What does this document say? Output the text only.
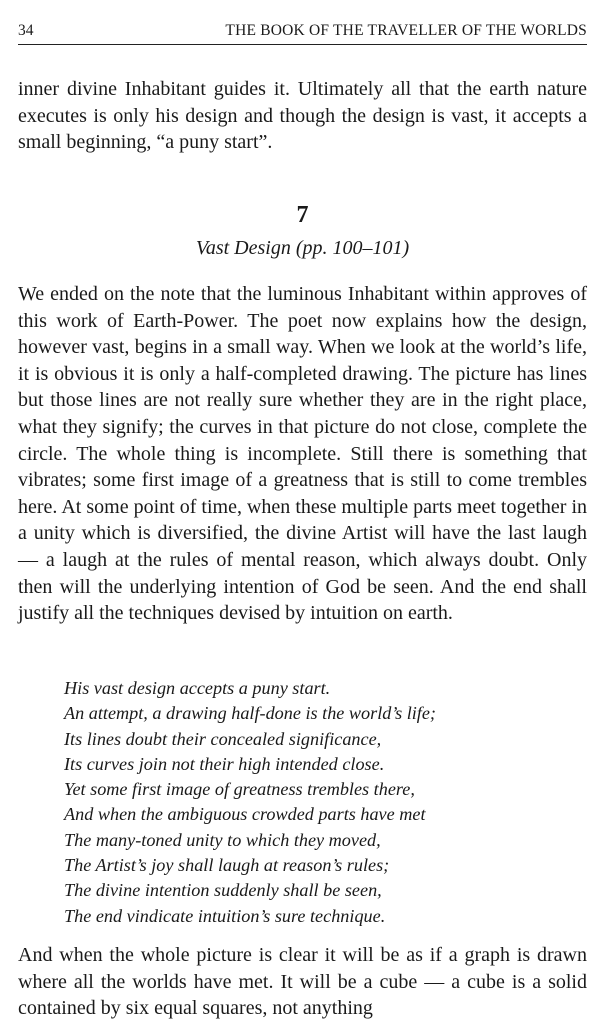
34	THE BOOK OF THE TRAVELLER OF THE WORLDS

inner divine Inhabitant guides it. Ultimately all that the earth nature executes is only his design and though the design is vast, it accepts a small beginning, “a puny start”.

7
Vast Design (pp. 100–101)

We ended on the note that the luminous Inhabitant within approves of this work of Earth-Power. The poet now explains how the design, however vast, begins in a small way. When we look at the world’s life, it is obvious it is only a half-completed drawing. The picture has lines but those lines are not really sure whether they are in the right place, what they signify; the curves in that picture do not close, complete the circle. The whole thing is incomplete. Still there is something that vibrates; some first image of a greatness that is still to come trembles here. At some point of time, when these multiple parts meet together in a unity which is diversified, the divine Artist will have the last laugh — a laugh at the rules of mental reason, which always doubt. Only then will the underlying intention of God be seen. And the end shall justify all the techniques devised by intuition on earth.

His vast design accepts a puny start.
An attempt, a drawing half-done is the world’s life;
Its lines doubt their concealed significance,
Its curves join not their high intended close.
Yet some first image of greatness trembles there,
And when the ambiguous crowded parts have met
The many-toned unity to which they moved,
The Artist’s joy shall laugh at reason’s rules;
The divine intention suddenly shall be seen,
The end vindicate intuition’s sure technique.

And when the whole picture is clear it will be as if a graph is drawn where all the worlds have met. It will be a cube — a cube is a solid contained by six equal squares, not anything
